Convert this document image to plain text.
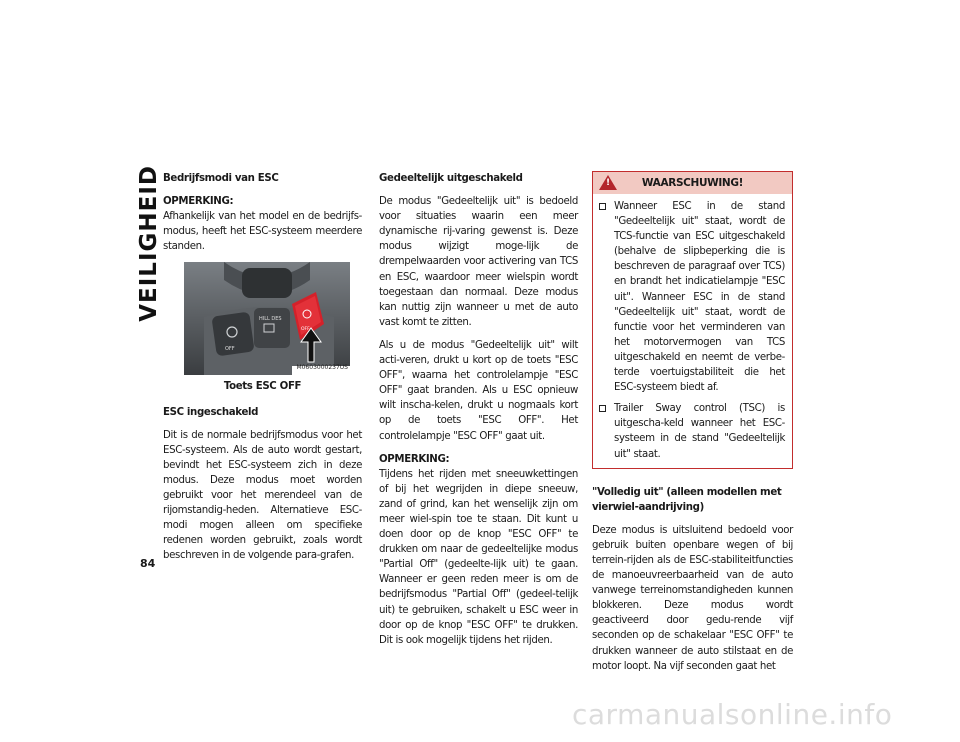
VEILIGHEID
84
Bedrijfsmodi van ESC
OPMERKING:
Afhankelijk van het model en de bedrijfs-modus, heeft het ESC-systeem meerdere standen.
OFF
HILL DES
OFF
M0603000237US
Toets ESC OFF
ESC ingeschakeld
Dit is de normale bedrijfsmodus voor het ESC-systeem. Als de auto wordt gestart, bevindt het ESC-systeem zich in deze modus. Deze modus moet worden gebruikt voor het merendeel van de rijomstandig-heden. Alternatieve ESC-modi mogen alleen om specifieke redenen worden gebruikt, zoals wordt beschreven in de volgende para-grafen.
Gedeeltelijk uitgeschakeld
De modus "Gedeeltelijk uit" is bedoeld voor situaties waarin een meer dynamische rij-varing gewenst is. Deze modus wijzigt moge-lijk de drempelwaarden voor activering van TCS en ESC, waardoor meer wielspin wordt toegestaan dan normaal. Deze modus kan nuttig zijn wanneer u met de auto vast komt te zitten.
Als u de modus "Gedeeltelijk uit" wilt acti-veren, drukt u kort op de toets "ESC OFF", waarna het controlelampje "ESC OFF" gaat branden. Als u ESC opnieuw wilt inscha-kelen, drukt u nogmaals kort op de toets "ESC OFF". Het controlelampje "ESC OFF" gaat uit.
OPMERKING:
Tijdens het rijden met sneeuwkettingen of bij het wegrijden in diepe sneeuw, zand of grind, kan het wenselijk zijn om meer wiel-spin toe te staan. Dit kunt u doen door op de knop "ESC OFF" te drukken om naar de gedeeltelijke modus "Partial Off" (gedeelte-lijk uit) te gaan. Wanneer er geen reden meer is om de bedrijfsmodus "Partial Off" (gedeel-telijk uit) te gebruiken, schakelt u ESC weer in door op de knop "ESC OFF" te drukken. Dit is ook mogelijk tijdens het rijden.
!
WAARSCHUWING!
Wanneer ESC in de stand "Gedeeltelijk uit" staat, wordt de TCS-functie van ESC uitgeschakeld (behalve de slipbeperking die is beschreven de paragraaf over TCS) en brandt het indicatielampje "ESC uit". Wanneer ESC in de stand "Gedeeltelijk uit" staat, wordt de functie voor het verminderen van het motorvermogen van TCS uitgeschakeld en neemt de verbe-terde voertuigstabiliteit die het ESC-systeem biedt af.
Trailer Sway control (TSC) is uitgescha-keld wanneer het ESC-systeem in de stand "Gedeeltelijk uit" staat.
"Volledig uit" (alleen modellen met vierwiel-aandrijving)
Deze modus is uitsluitend bedoeld voor gebruik buiten openbare wegen of bij terrein-rijden als de ESC-stabiliteitfuncties de manoeuvreerbaarheid van de auto vanwege terreinomstandigheden kunnen blokkeren. Deze modus wordt geactiveerd door gedu-rende vijf seconden op de schakelaar "ESC OFF" te drukken wanneer de auto stilstaat en de motor loopt. Na vijf seconden gaat het
carmanualsonline.info
